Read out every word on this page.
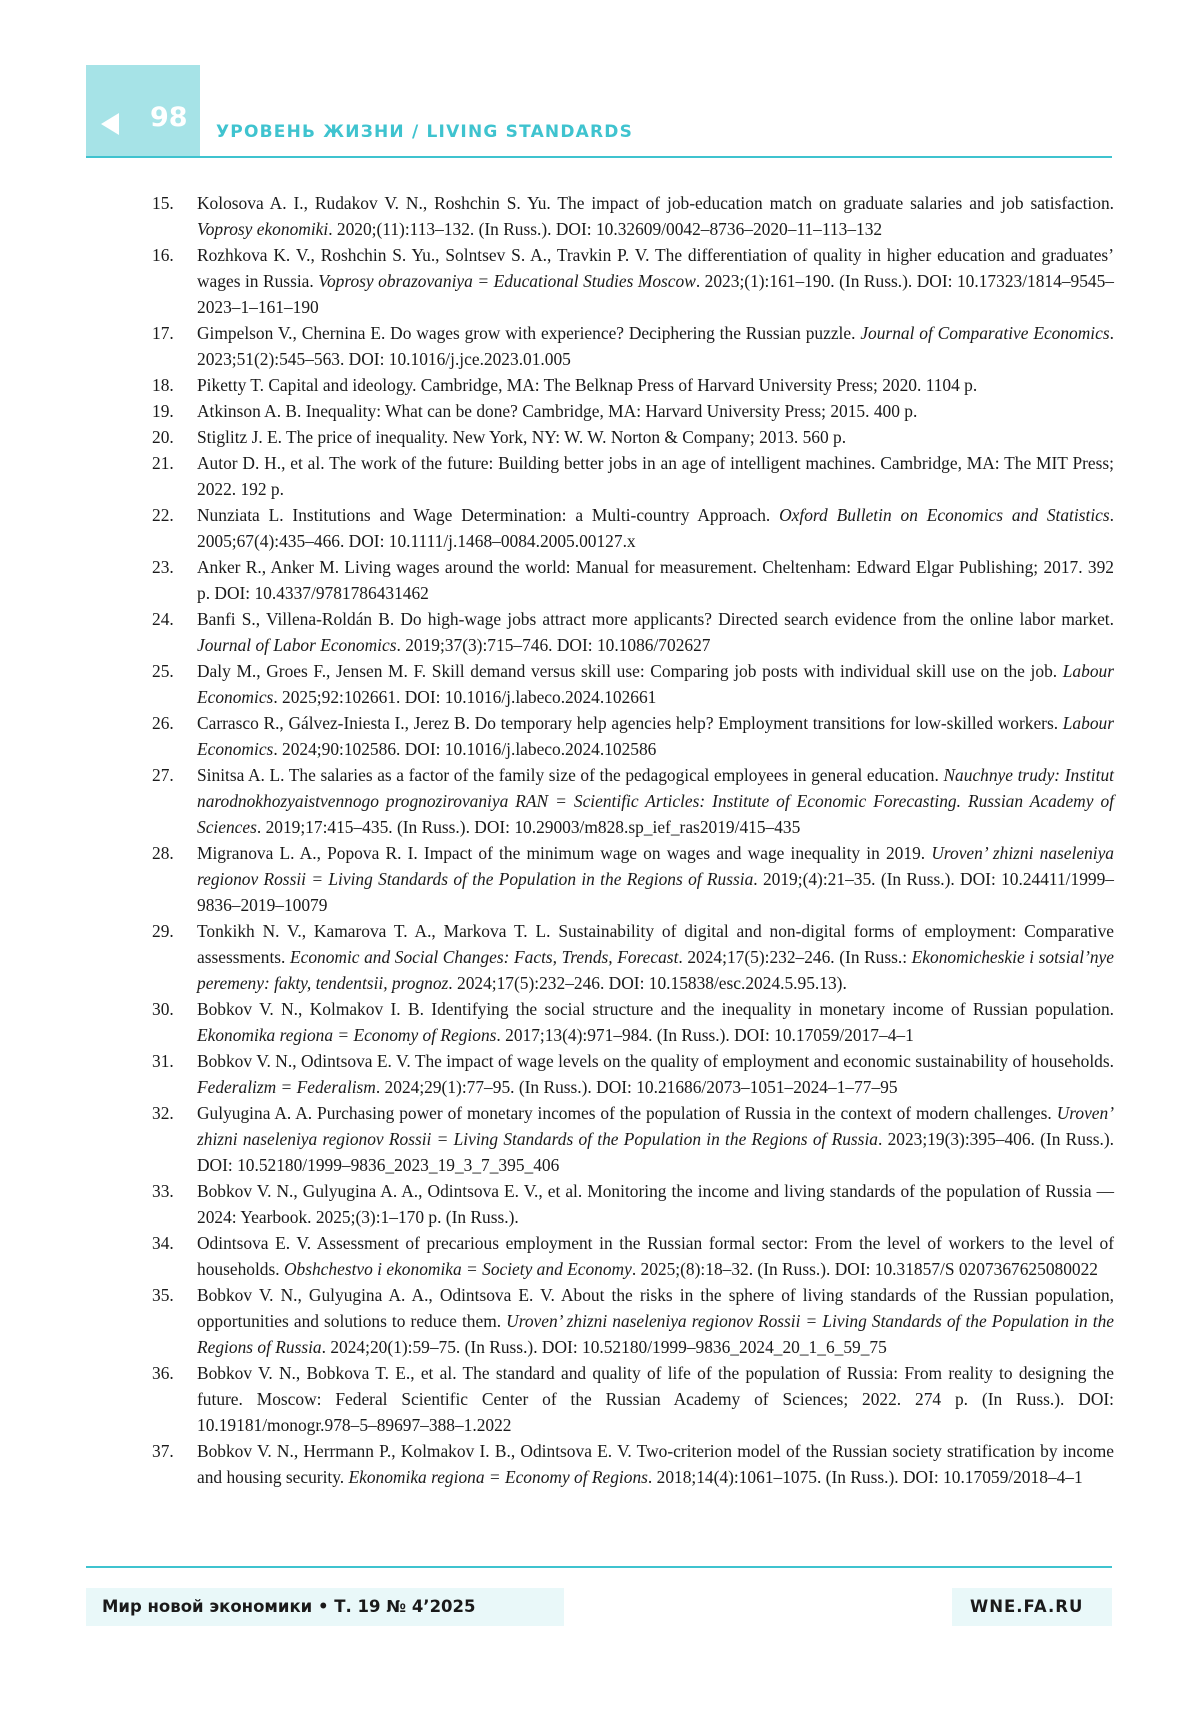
98 УРОВЕНЬ ЖИЗНИ / LIVING STANDARDS
15.	Kolosova A. I., Rudakov V. N., Roshchin S. Yu. The impact of job-education match on graduate salaries and job satisfaction. Voprosy ekonomiki. 2020;(11):113–132. (In Russ.). DOI: 10.32609/0042–8736–2020–11–113–132
16.	Rozhkova K. V., Roshchin S. Yu., Solntsev S. A., Travkin P. V. The differentiation of quality in higher education and graduates’ wages in Russia. Voprosy obrazovaniya = Educational Studies Moscow. 2023;(1):161–190. (In Russ.). DOI: 10.17323/1814–9545–2023–1–161–190
17.	Gimpelson V., Chernina E. Do wages grow with experience? Deciphering the Russian puzzle. Journal of Comparative Economics. 2023;51(2):545–563. DOI: 10.1016/j.jce.2023.01.005
18.	Piketty T. Capital and ideology. Cambridge, MA: The Belknap Press of Harvard University Press; 2020. 1104 p.
19.	Atkinson A. B. Inequality: What can be done? Cambridge, MA: Harvard University Press; 2015. 400 p.
20.	Stiglitz J. E. The price of inequality. New York, NY: W. W. Norton & Company; 2013. 560 p.
21.	Autor D. H., et al. The work of the future: Building better jobs in an age of intelligent machines. Cambridge, MA: The MIT Press; 2022. 192 p.
22.	Nunziata L. Institutions and Wage Determination: a Multi-country Approach. Oxford Bulletin on Economics and Statistics. 2005;67(4):435–466. DOI: 10.1111/j.1468–0084.2005.00127.x
23.	Anker R., Anker M. Living wages around the world: Manual for measurement. Cheltenham: Edward Elgar Publishing; 2017. 392 p. DOI: 10.4337/9781786431462
24.	Banfi S., Villena-Roldán B. Do high-wage jobs attract more applicants? Directed search evidence from the online labor market. Journal of Labor Economics. 2019;37(3):715–746. DOI: 10.1086/702627
25.	Daly M., Groes F., Jensen M. F. Skill demand versus skill use: Comparing job posts with individual skill use on the job. Labour Economics. 2025;92:102661. DOI: 10.1016/j.labeco.2024.102661
26.	Carrasco R., Gálvez-Iniesta I., Jerez B. Do temporary help agencies help? Employment transitions for low-skilled workers. Labour Economics. 2024;90:102586. DOI: 10.1016/j.labeco.2024.102586
27.	Sinitsa A. L. The salaries as a factor of the family size of the pedagogical employees in general education. Nauchnye trudy: Institut narodnokhozyaistvennogo prognozirovaniya RAN = Scientific Articles: Institute of Economic Forecasting. Russian Academy of Sciences. 2019;17:415–435. (In Russ.). DOI: 10.29003/m828.sp_ief_ras2019/415–435
28.	Migranova L. A., Popova R. I. Impact of the minimum wage on wages and wage inequality in 2019. Uroven’ zhizni naseleniya regionov Rossii = Living Standards of the Population in the Regions of Russia. 2019;(4):21–35. (In Russ.). DOI: 10.24411/1999–9836–2019–10079
29.	Tonkikh N. V., Kamarova T. A., Markova T. L. Sustainability of digital and non-digital forms of employment: Comparative assessments. Economic and Social Changes: Facts, Trends, Forecast. 2024;17(5):232–246. (In Russ.: Ekonomicheskie i sotsial’nye peremeny: fakty, tendentsii, prognoz. 2024;17(5):232–246. DOI: 10.15838/esc.2024.5.95.13).
30.	Bobkov V. N., Kolmakov I. B. Identifying the social structure and the inequality in monetary income of Russian population. Ekonomika regiona = Economy of Regions. 2017;13(4):971–984. (In Russ.). DOI: 10.17059/2017–4–1
31.	Bobkov V. N., Odintsova E. V. The impact of wage levels on the quality of employment and economic sustainability of households. Federalizm = Federalism. 2024;29(1):77–95. (In Russ.). DOI: 10.21686/2073–1051–2024–1–77–95
32.	Gulyugina A. A. Purchasing power of monetary incomes of the population of Russia in the context of modern challenges. Uroven’ zhizni naseleniya regionov Rossii = Living Standards of the Population in the Regions of Russia. 2023;19(3):395–406. (In Russ.). DOI: 10.52180/1999–9836_2023_19_3_7_395_406
33.	Bobkov V. N., Gulyugina A. A., Odintsova E. V., et al. Monitoring the income and living standards of the population of Russia — 2024: Yearbook. 2025;(3):1–170 p. (In Russ.).
34.	Odintsova E. V. Assessment of precarious employment in the Russian formal sector: From the level of workers to the level of households. Obshchestvo i ekonomika = Society and Economy. 2025;(8):18–32. (In Russ.). DOI: 10.31857/S 0207367625080022
35.	Bobkov V. N., Gulyugina A. A., Odintsova E. V. About the risks in the sphere of living standards of the Russian population, opportunities and solutions to reduce them. Uroven’ zhizni naseleniya regionov Rossii = Living Standards of the Population in the Regions of Russia. 2024;20(1):59–75. (In Russ.). DOI: 10.52180/1999–9836_2024_20_1_6_59_75
36.	Bobkov V. N., Bobkova T. E., et al. The standard and quality of life of the population of Russia: From reality to designing the future. Moscow: Federal Scientific Center of the Russian Academy of Sciences; 2022. 274 p. (In Russ.). DOI: 10.19181/monogr.978–5–89697–388–1.2022
37.	Bobkov V. N., Herrmann P., Kolmakov I. B., Odintsova E. V. Two-criterion model of the Russian society stratification by income and housing security. Ekonomika regiona = Economy of Regions. 2018;14(4):1061–1075. (In Russ.). DOI: 10.17059/2018–4–1
Мир новой экономики • Т. 19 № 4’2025	WNE.FA.RU
